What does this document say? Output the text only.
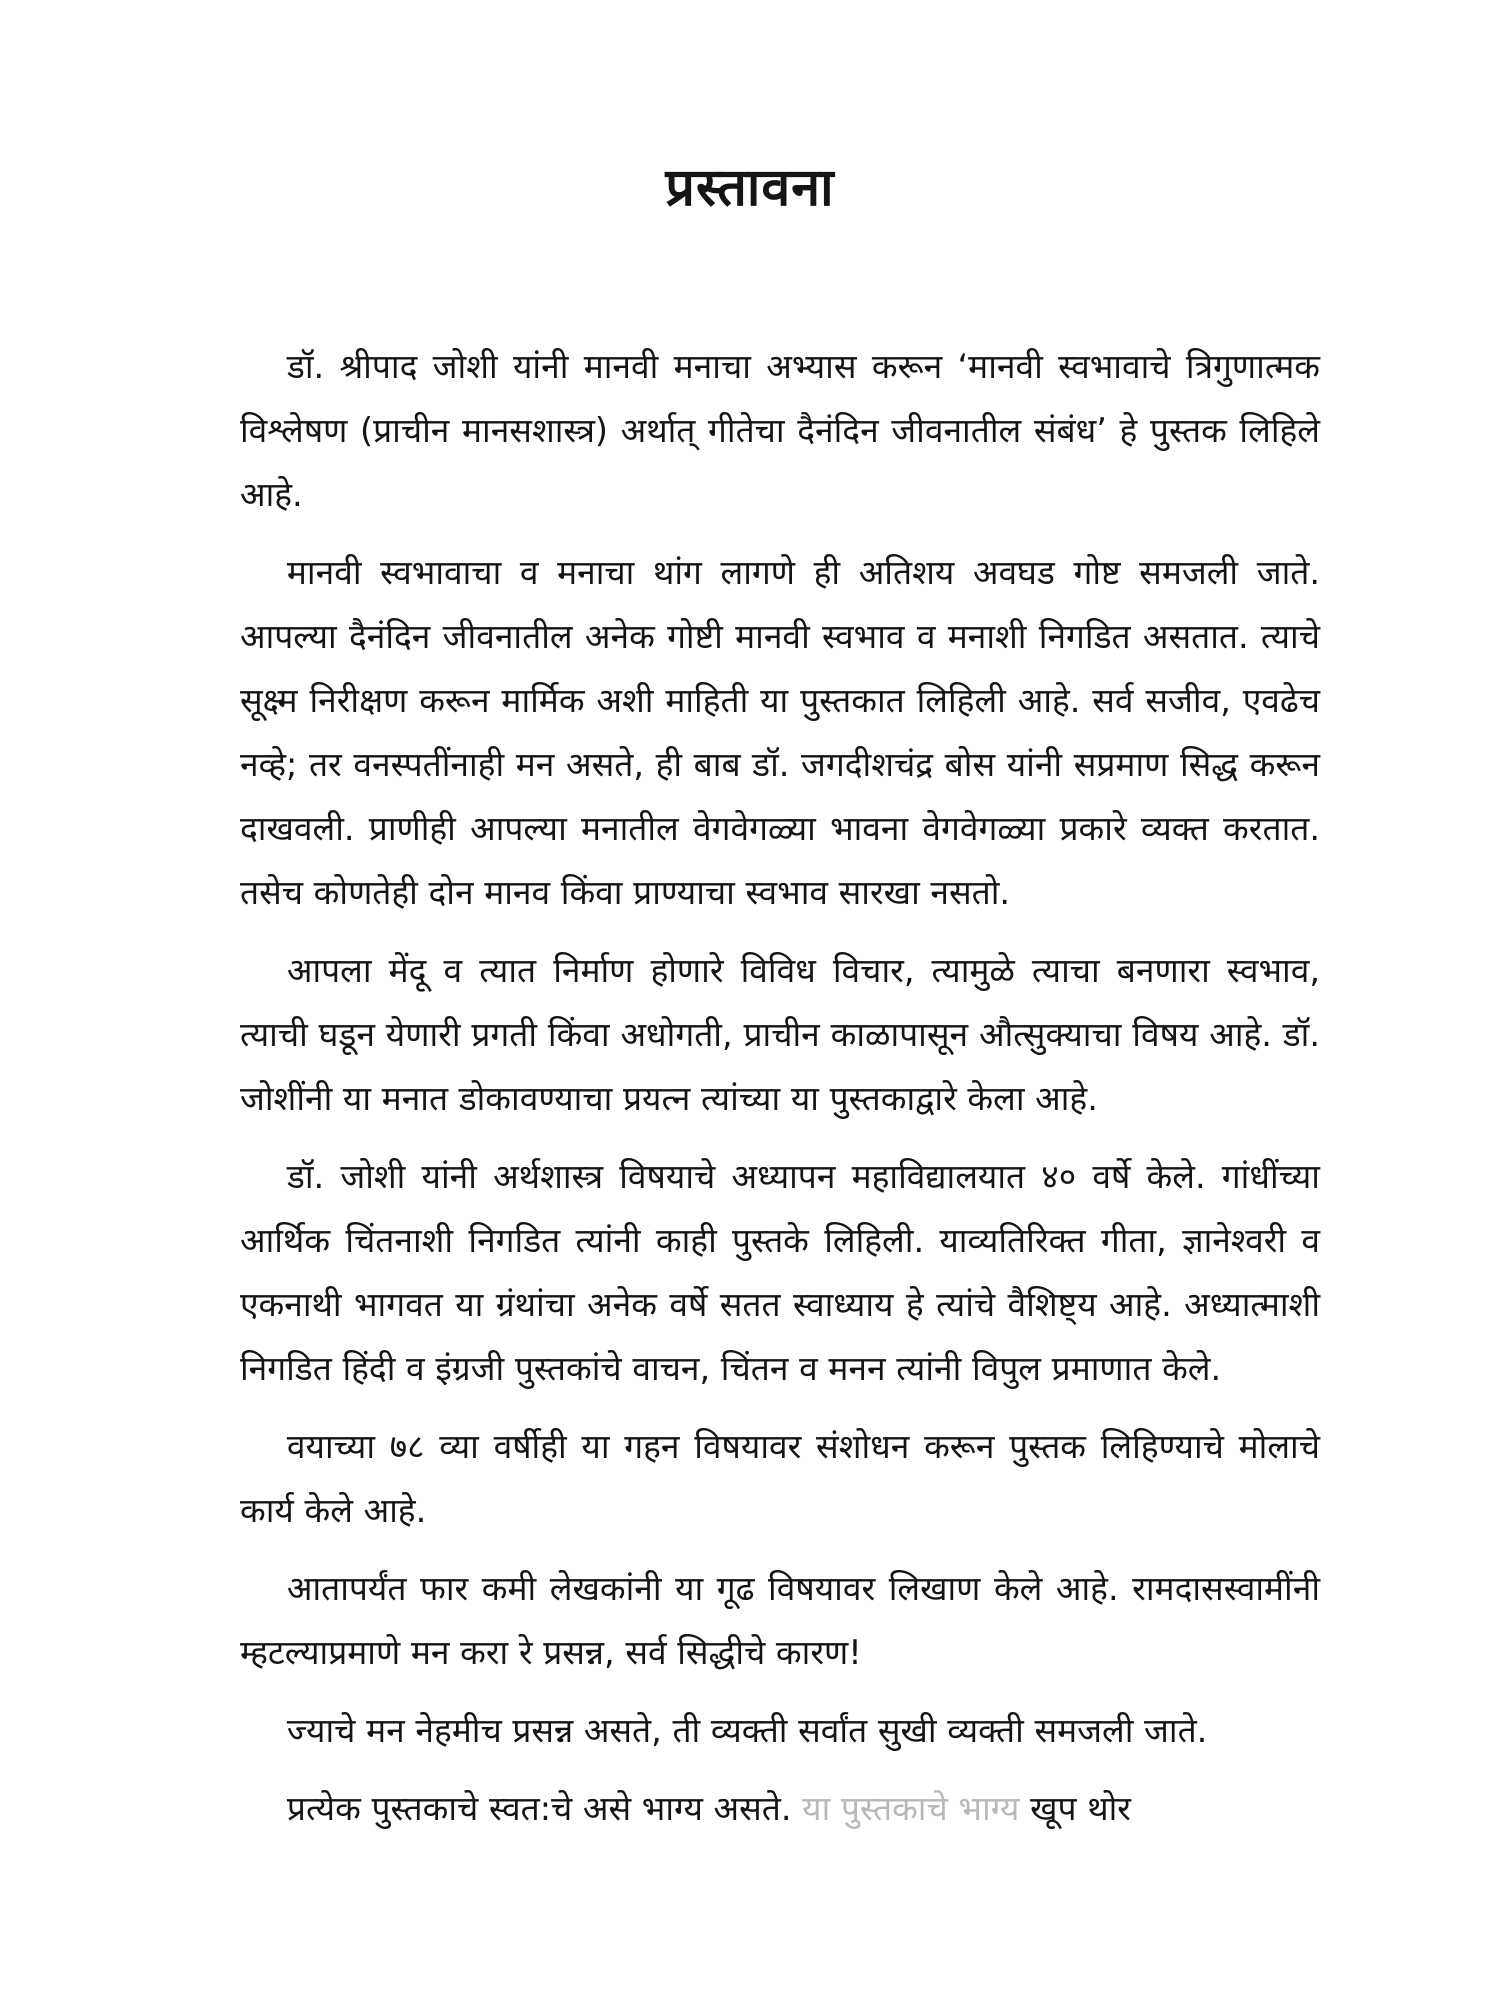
प्रस्तावना

डॉ. श्रीपाद जोशी यांनी मानवी मनाचा अभ्यास करून ‘मानवी स्वभावाचे त्रिगुणात्मक विश्लेषण (प्राचीन मानसशास्त्र) अर्थात् गीतेचा दैनंदिन जीवनातील संबंध’ हे पुस्तक लिहिले आहे.

मानवी स्वभावाचा व मनाचा थांग लागणे ही अतिशय अवघड गोष्ट समजली जाते. आपल्या दैनंदिन जीवनातील अनेक गोष्टी मानवी स्वभाव व मनाशी निगडित असतात. त्याचे सूक्ष्म निरीक्षण करून मार्मिक अशी माहिती या पुस्तकात लिहिली आहे. सर्व सजीव, एवढेच नव्हे; तर वनस्पतींनाही मन असते, ही बाब डॉ. जगदीशचंद्र बोस यांनी सप्रमाण सिद्ध करून दाखवली. प्राणीही आपल्या मनातील वेगवेगळ्या भावना वेगवेगळ्या प्रकारे व्यक्त करतात. तसेच कोणतेही दोन मानव किंवा प्राण्याचा स्वभाव सारखा नसतो.

आपला मेंदू व त्यात निर्माण होणारे विविध विचार, त्यामुळे त्याचा बनणारा स्वभाव, त्याची घडून येणारी प्रगती किंवा अधोगती, प्राचीन काळापासून औत्सुक्याचा विषय आहे. डॉ. जोशींनी या मनात डोकावण्याचा प्रयत्न त्यांच्या या पुस्तकाद्वारे केला आहे.

डॉ. जोशी यांनी अर्थशास्त्र विषयाचे अध्यापन महाविद्यालयात ४० वर्षे केले. गांधींच्या आर्थिक चिंतनाशी निगडित त्यांनी काही पुस्तके लिहिली. याव्यतिरिक्त गीता, ज्ञानेश्वरी व एकनाथी भागवत या ग्रंथांचा अनेक वर्षे सतत स्वाध्याय हे त्यांचे वैशिष्ट्य आहे. अध्यात्माशी निगडित हिंदी व इंग्रजी पुस्तकांचे वाचन, चिंतन व मनन त्यांनी विपुल प्रमाणात केले.

वयाच्या ७८ व्या वर्षीही या गहन विषयावर संशोधन करून पुस्तक लिहिण्याचे मोलाचे कार्य केले आहे.

आतापर्यंत फार कमी लेखकांनी या गूढ विषयावर लिखाण केले आहे. रामदासस्वामींनी म्हटल्याप्रमाणे मन करा रे प्रसन्न, सर्व सिद्धीचे कारण!

ज्याचे मन नेहमीच प्रसन्न असते, ती व्यक्ती सर्वांत सुखी व्यक्ती समजली जाते.

प्रत्येक पुस्तकाचे स्वत:चे असे भाग्य असते. या पुस्तकाचे भाग्य खूप थोर
